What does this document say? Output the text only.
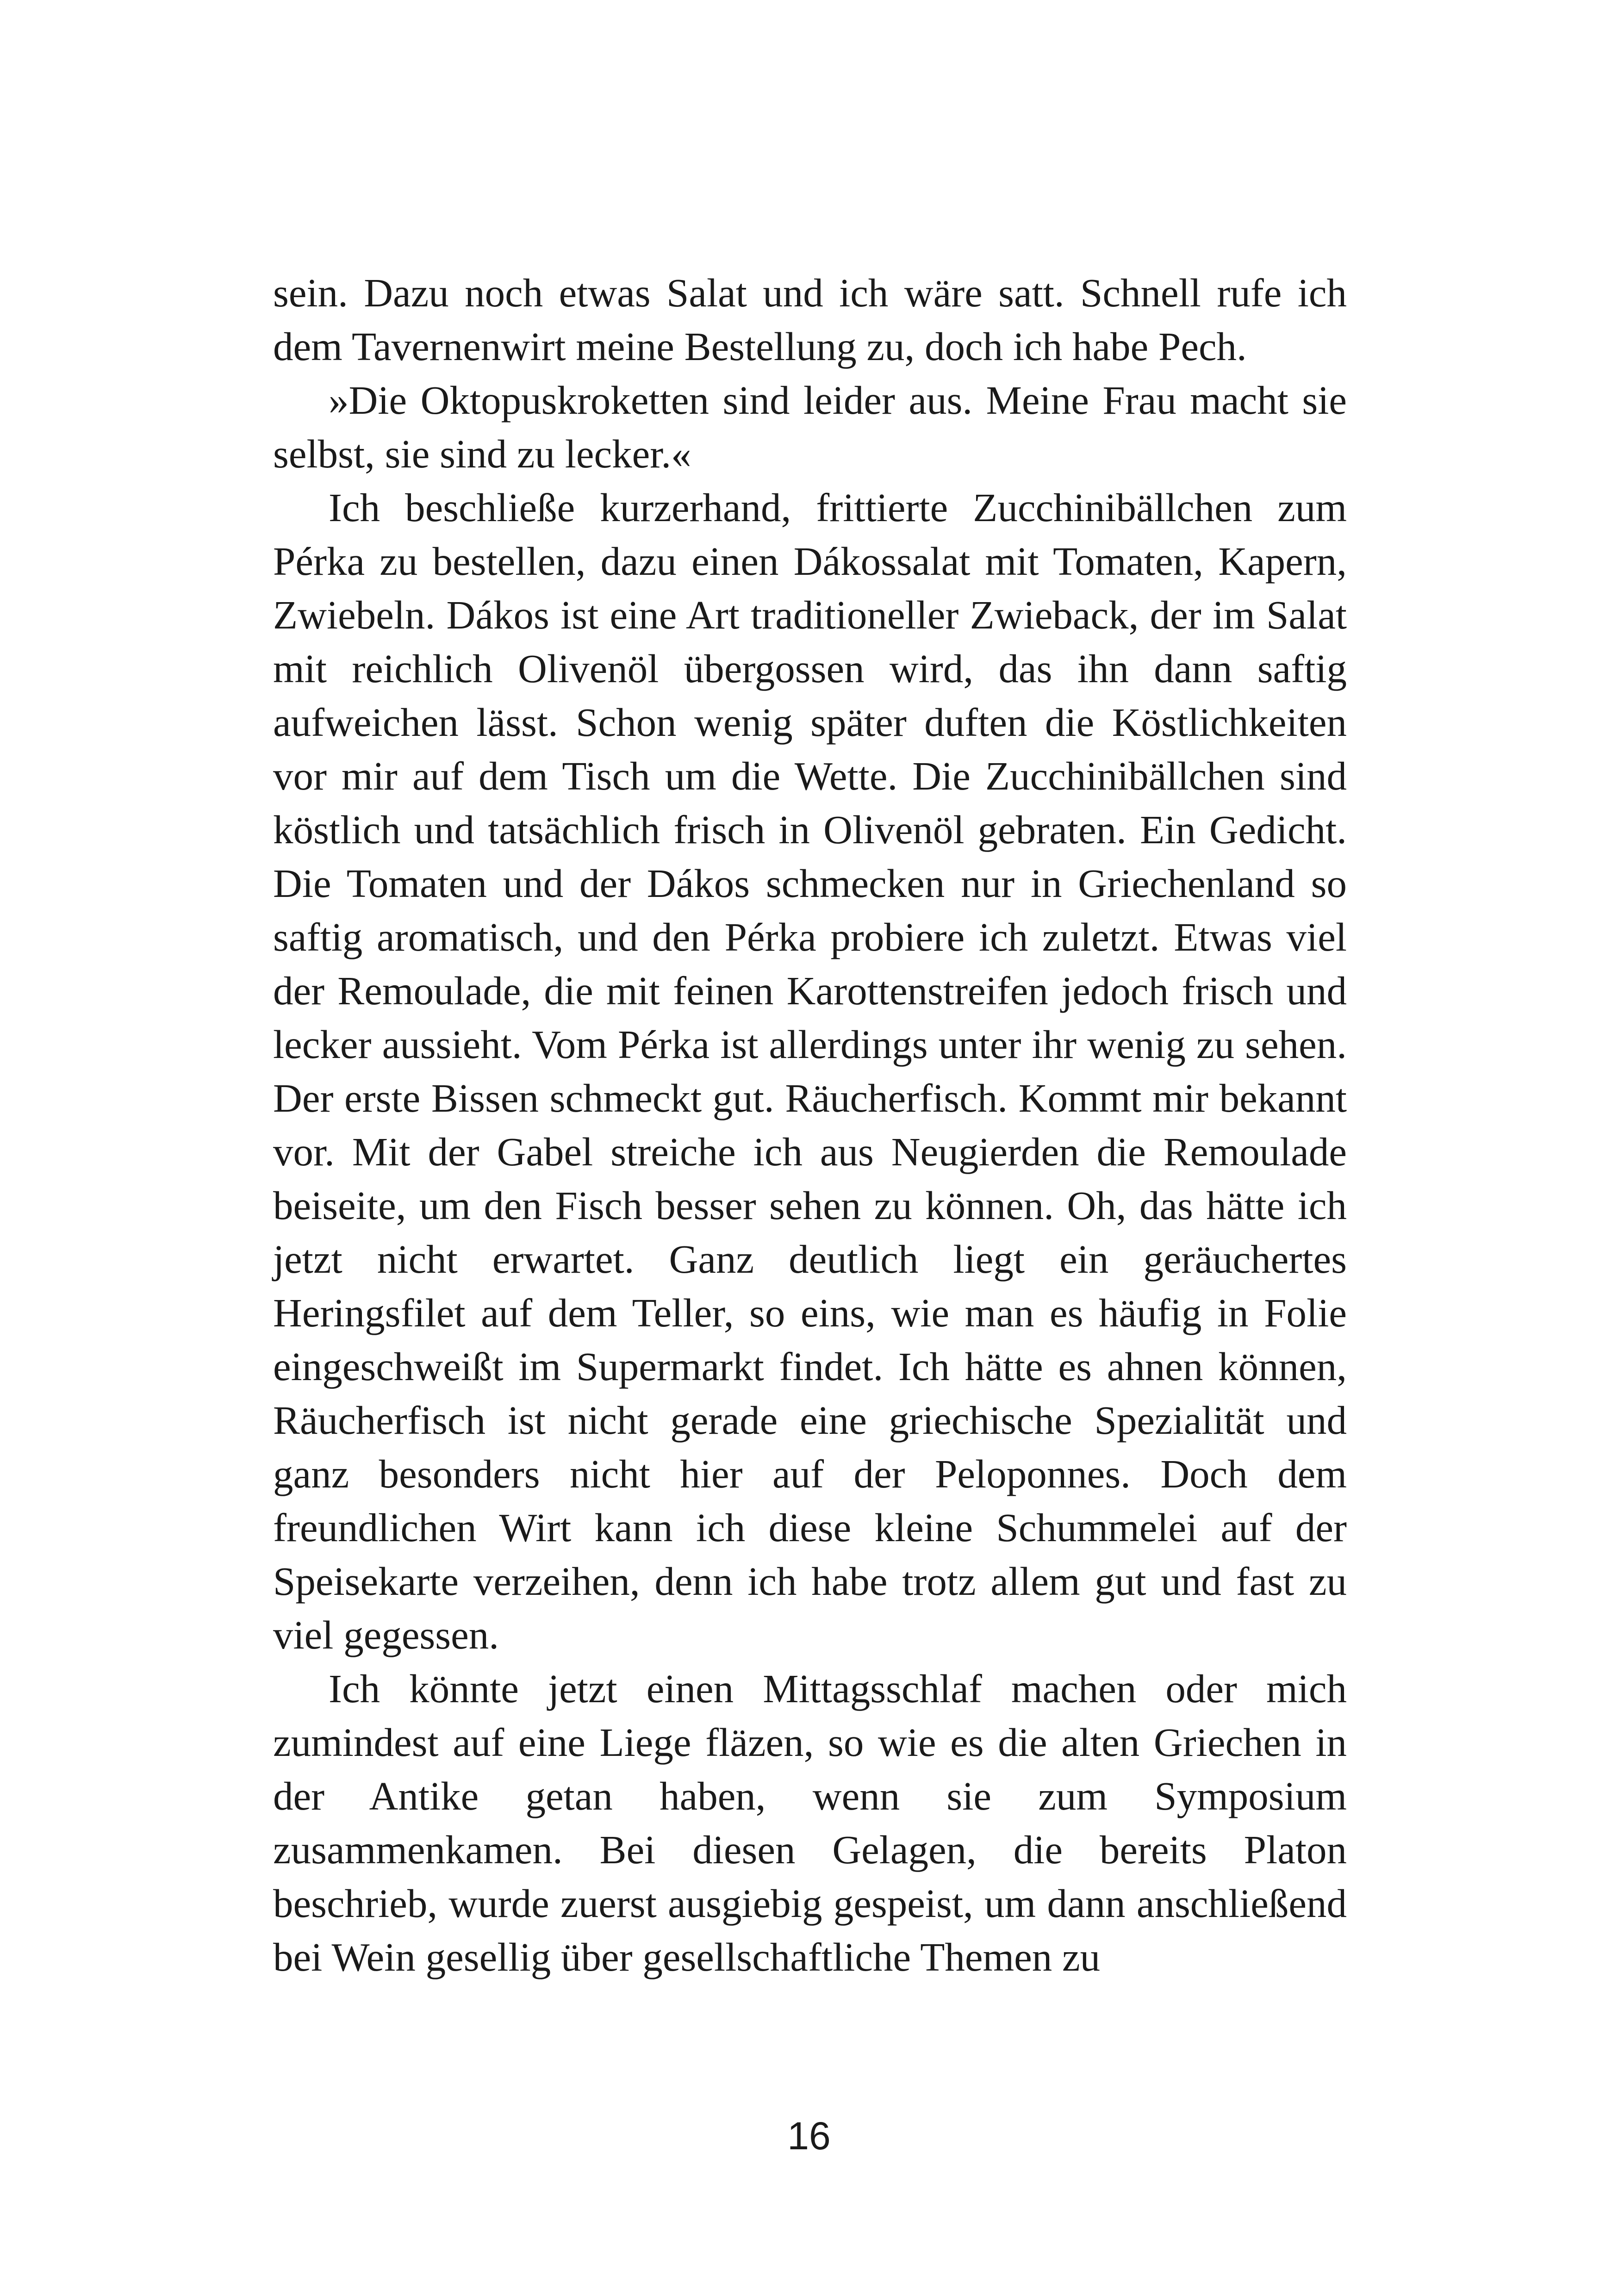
sein. Dazu noch etwas Salat und ich wäre satt. Schnell rufe ich dem Tavernenwirt meine Bestellung zu, doch ich habe Pech.

»Die Oktopuskroketten sind leider aus. Meine Frau macht sie selbst, sie sind zu lecker.«

Ich beschließe kurzerhand, frittierte Zucchinibällchen zum Pérka zu bestellen, dazu einen Dákossalat mit Tomaten, Kapern, Zwiebeln. Dákos ist eine Art traditioneller Zwieback, der im Salat mit reichlich Olivenöl übergossen wird, das ihn dann saftig aufweichen lässt. Schon wenig später duften die Köstlichkeiten vor mir auf dem Tisch um die Wette. Die Zucchinibällchen sind köstlich und tatsächlich frisch in Olivenöl gebraten. Ein Gedicht. Die Tomaten und der Dákos schmecken nur in Griechenland so saftig aromatisch, und den Pérka probiere ich zuletzt. Etwas viel der Remoulade, die mit feinen Karottenstreifen jedoch frisch und lecker aussieht. Vom Pérka ist allerdings unter ihr wenig zu sehen. Der erste Bissen schmeckt gut. Räucherfisch. Kommt mir bekannt vor. Mit der Gabel streiche ich aus Neugierden die Remoulade beiseite, um den Fisch besser sehen zu können. Oh, das hätte ich jetzt nicht erwartet. Ganz deutlich liegt ein geräuchertes Heringsfilet auf dem Teller, so eins, wie man es häufig in Folie eingeschweißt im Supermarkt findet. Ich hätte es ahnen können, Räucherfisch ist nicht gerade eine griechische Spezialität und ganz besonders nicht hier auf der Peloponnes. Doch dem freundlichen Wirt kann ich diese kleine Schummelei auf der Speisekarte verzeihen, denn ich habe trotz allem gut und fast zu viel gegessen.

Ich könnte jetzt einen Mittagsschlaf machen oder mich zumindest auf eine Liege fläzen, so wie es die alten Griechen in der Antike getan haben, wenn sie zum Symposium zusammenkamen. Bei diesen Gelagen, die bereits Platon beschrieb, wurde zuerst ausgiebig gespeist, um dann anschließend bei Wein gesellig über gesellschaftliche Themen zu

16
